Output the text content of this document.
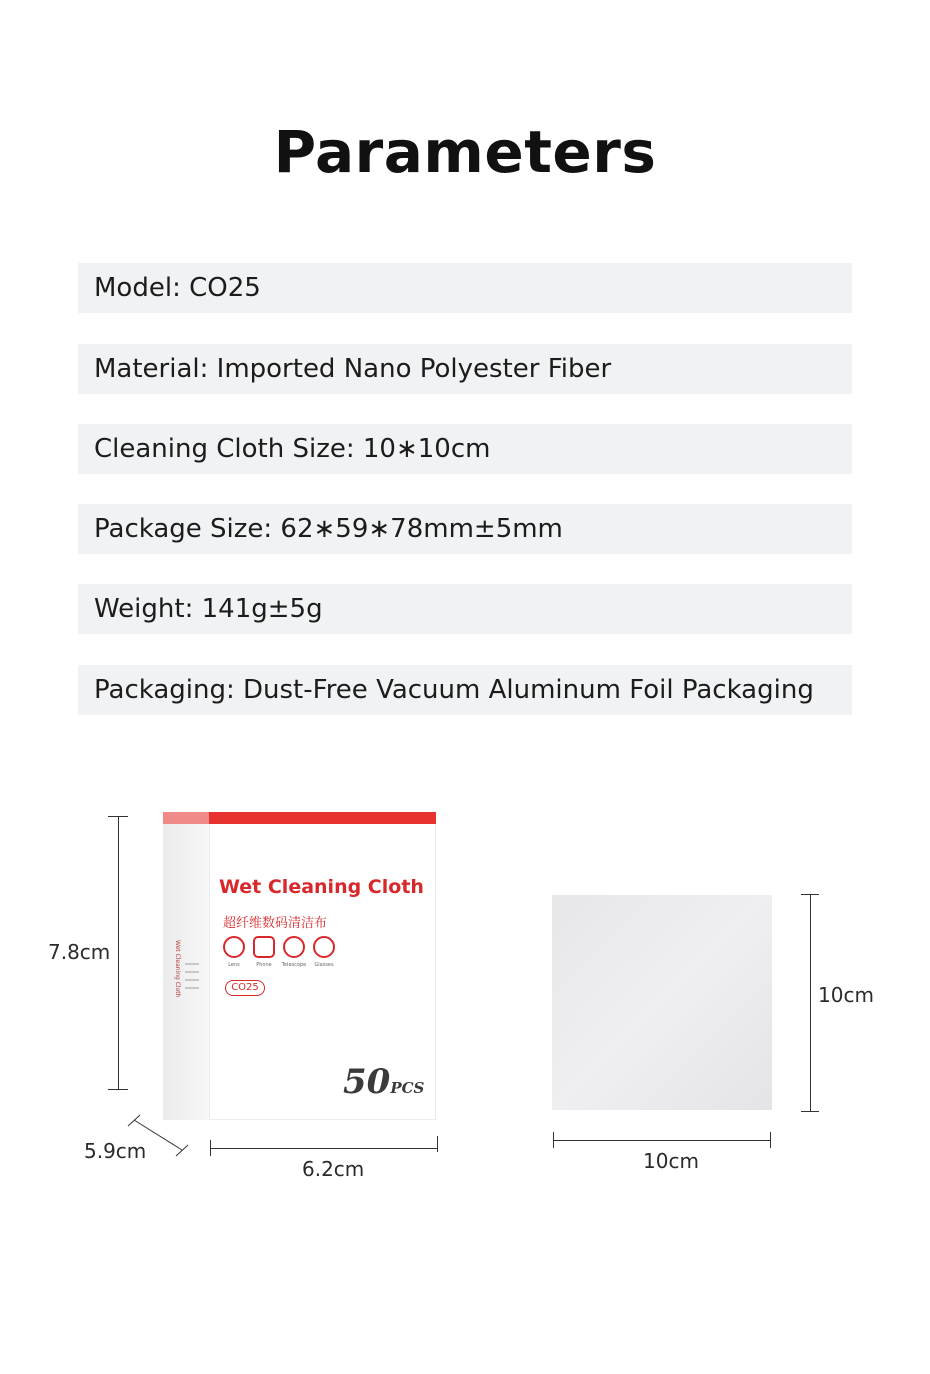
Parameters
Model: CO25
Material: Imported Nano Polyester Fiber
Cleaning Cloth Size: 10∗10cm
Package Size: 62∗59∗78mm±5mm
Weight: 141g±5g
Packaging: Dust-Free Vacuum Aluminum Foil Packaging
7.8cm
5.9cm
6.2cm
Wet Cleaning Cloth
Wet Cleaning Cloth
超纤维数码清洁布
Lens	Phone	Telescope	Glasses
CO25
50PCS
10cm
10cm
